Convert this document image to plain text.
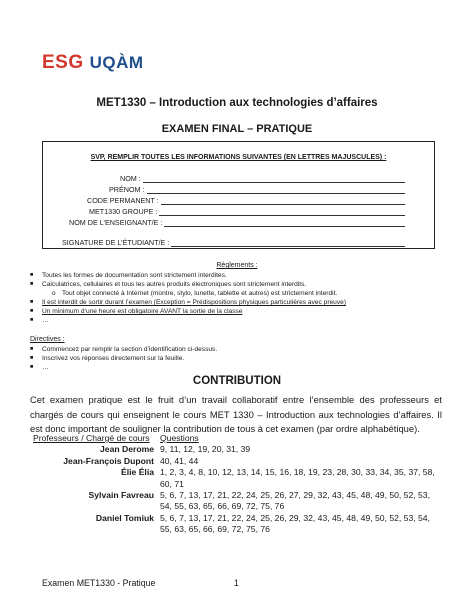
ESG UQÀM
MET1330 – Introduction aux technologies d’affaires
EXAMEN FINAL – PRATIQUE
SVP, REMPLIR TOUTES LES INFORMATIONS SUIVANTES (EN LETTRES MAJUSCULES) :
NOM :
PRÉNOM :
CODE PERMANENT :
MET1330 GROUPE :
NOM DE L’ENSEIGNANT/E :
SIGNATURE DE L’ÉTUDIANT/E :
Règlements :
■	Toutes les formes de documentation sont strictement interdites.
■	Calculatrices, cellulaires et tous les autres produits électroniques sont strictement interdits.
o Tout objet connecté à Internet (montre, stylo, lunette, tablette et autres) est strictement interdit.
■	Il est interdit de sortir durant l’examen (Exception = Prédispositions physiques particulières avec preuve)
■	Un minimum d’une heure est obligatoire AVANT la sortie de la classe
■	…
Directives :
■	Commencez par remplir la section d’identification ci-dessus.
■	Inscrivez vos réponses directement sur la feuille.
■	…
CONTRIBUTION
Cet examen pratique est le fruit d’un travail collaboratif entre l’ensemble des professeurs et chargés de cours qui enseignent le cours MET 1330 – Introduction aux technologies d’affaires. Il est donc important de souligner la contribution de tous à cet examen (par ordre alphabétique).
Professeurs / Chargé de cours	Questions
Jean Derome 9, 11, 12, 19, 20, 31, 39
Jean-François Dupont 40, 41, 44
Élie Élia 1, 2, 3, 4, 8, 10, 12, 13, 14, 15, 16, 18, 19, 23, 28, 30, 33, 34, 35, 37, 58, 60, 71
Sylvain Favreau 5, 6, 7, 13, 17, 21, 22, 24, 25, 26, 27, 29, 32, 43, 45, 48, 49, 50, 52, 53, 54, 55, 63, 65, 66, 69, 72, 75, 76
Daniel Tomiuk 5, 6, 7, 13, 17, 21, 22, 24, 25, 26, 29, 32, 43, 45, 48, 49, 50, 52, 53, 54, 55, 63, 65, 66, 69, 72, 75, 76
Examen MET1330 - Pratique	1
